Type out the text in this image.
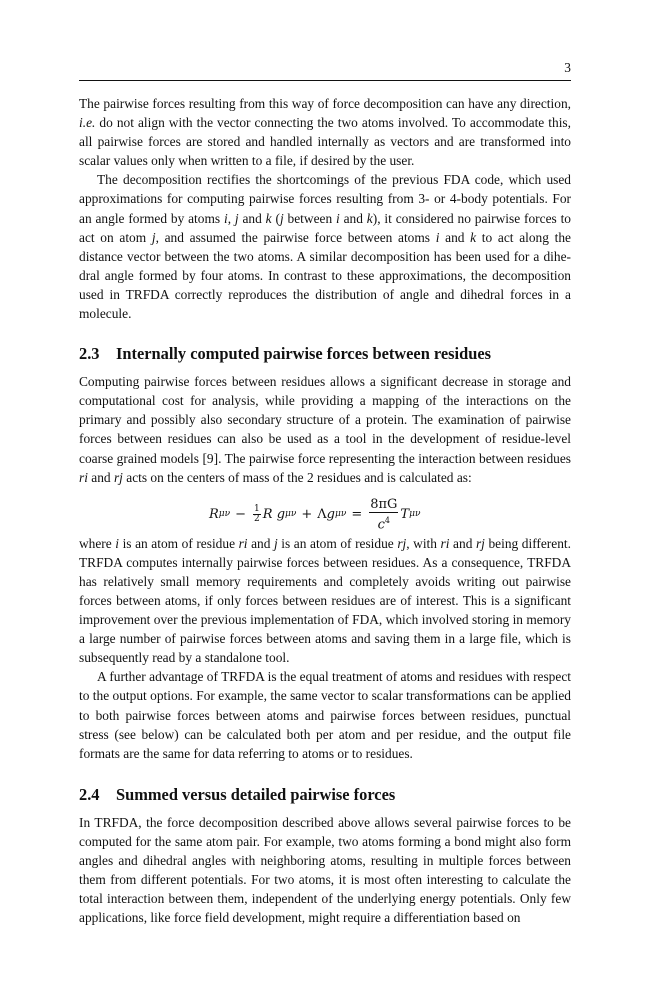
3

The pairwise forces resulting from this way of force decomposition can have any direction, i.e. do not align with the vector connecting the two atoms involved. To accommodate this, all pairwise forces are stored and handled internally as vectors and are transformed into scalar values only when written to a file, if desired by the user.

The decomposition rectifies the shortcomings of the previous FDA code, which used approximations for computing pairwise forces resulting from 3- or 4-body potentials. For an angle formed by atoms i, j and k (j between i and k), it considered no pairwise forces to act on atom j, and assumed the pairwise force between atoms i and k to act along the distance vector between the two atoms. A similar decomposition has been used for a dihedral angle formed by four atoms. In contrast to these approximations, the decomposition used in TRFDA correctly reproduces the distribution of angle and dihedral forces in a molecule.

2.3 Internally computed pairwise forces between residues

Computing pairwise forces between residues allows a significant decrease in storage and computational cost for analysis, while providing a mapping of the interactions on the primary and possibly also secondary structure of a protein. The examination of pairwise forces between residues can also be used as a tool in the development of residue-level coarse grained models [9]. The pairwise force representing the interaction between residues ri and rj acts on the centers of mass of the 2 residues and is calculated as:

R $\mu\nu - \frac{1}{2}$ R
g μν + Λ g $\mu\nu = \frac{8\pi G}{c^4}$ T μν

where i is an atom of residue ri and j is an atom of residue rj, with ri and rj being different. TRFDA computes internally pairwise forces between residues. As a consequence, TRFDA has relatively small memory requirements and completely avoids writing out pairwise forces between atoms, if only forces between residues are of interest. This is a significant improvement over the previous implementation of FDA, which involved storing in memory a large number of pairwise forces between atoms and saving them in a large file, which is subsequently read by a standalone tool.

A further advantage of TRFDA is the equal treatment of atoms and residues with respect to the output options. For example, the same vector to scalar transformations can be applied to both pairwise forces between atoms and pairwise forces between residues, punctual stress (see below) can be calculated both per atom and per residue, and the output file formats are the same for data referring to atoms or to residues.

2.4 Summed versus detailed pairwise forces

In TRFDA, the force decomposition described above allows several pairwise forces to be computed for the same atom pair. For example, two atoms forming a bond might also form angles and dihedral angles with neighboring atoms, resulting in multiple forces between them from different potentials. For two atoms, it is most often interesting to calculate the total interaction between them, independent of the underlying energy potentials. Only few applications, like force field development, might require a differentiation based on
